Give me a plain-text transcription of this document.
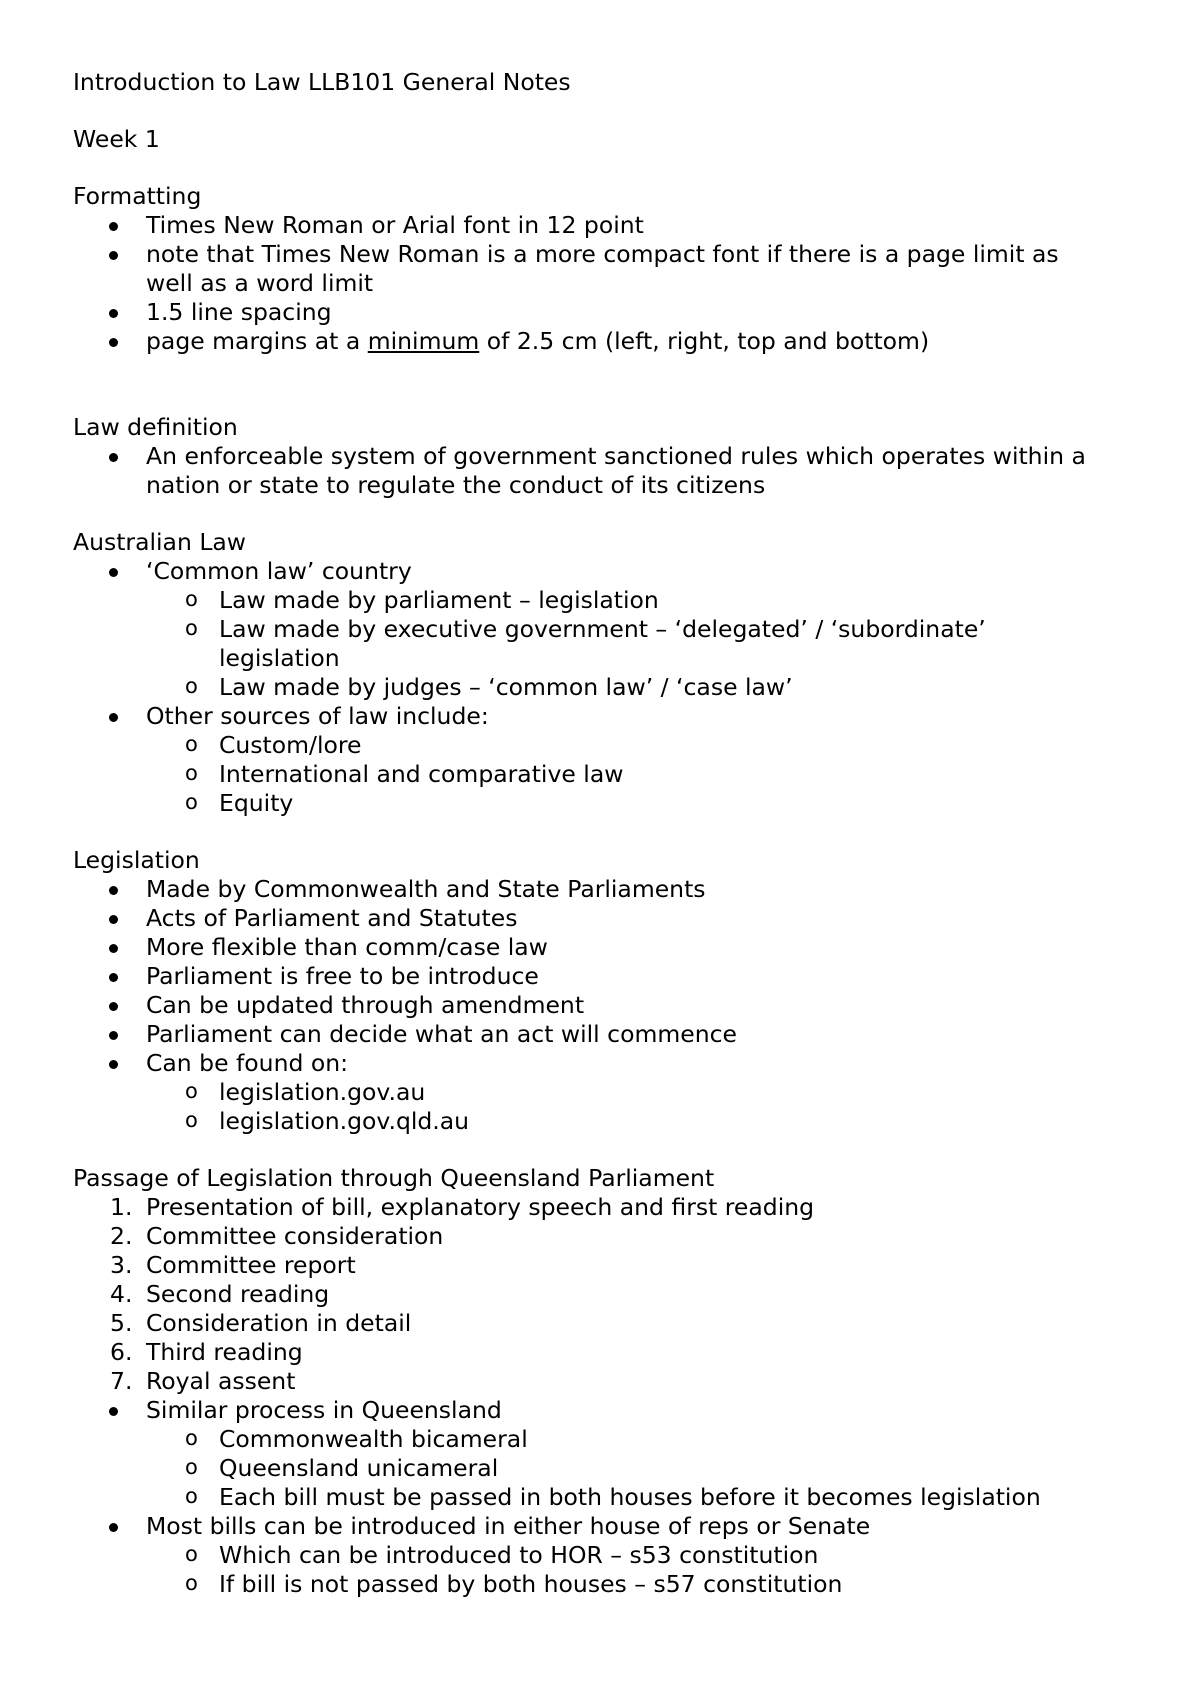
Introduction to Law LLB101 General Notes
Week 1
Formatting
Times New Roman or Arial font in 12 point
note that Times New Roman is a more compact font if there is a page limit as
well as a word limit
1.5 line spacing
page margins at a minimum of 2.5 cm (left, right, top and bottom)
Law definition
An enforceable system of government sanctioned rules which operates within a
nation or state to regulate the conduct of its citizens
Australian Law
‘Common law’ country
o Law made by parliament – legislation
o Law made by executive government – ‘delegated’ / ‘subordinate’
legislation
o Law made by judges – ‘common law’ / ‘case law’
Other sources of law include:
o Custom/lore
o International and comparative law
o Equity
Legislation
Made by Commonwealth and State Parliaments
Acts of Parliament and Statutes
More flexible than comm/case law
Parliament is free to be introduce
Can be updated through amendment
Parliament can decide what an act will commence
Can be found on:
o legislation.gov.au
o legislation.gov.qld.au
Passage of Legislation through Queensland Parliament
1. Presentation of bill, explanatory speech and first reading
2. Committee consideration
3. Committee report
4. Second reading
5. Consideration in detail
6. Third reading
7. Royal assent
Similar process in Queensland
o Commonwealth bicameral
o Queensland unicameral
o Each bill must be passed in both houses before it becomes legislation
Most bills can be introduced in either house of reps or Senate
o Which can be introduced to HOR – s53 constitution
o If bill is not passed by both houses – s57 constitution
